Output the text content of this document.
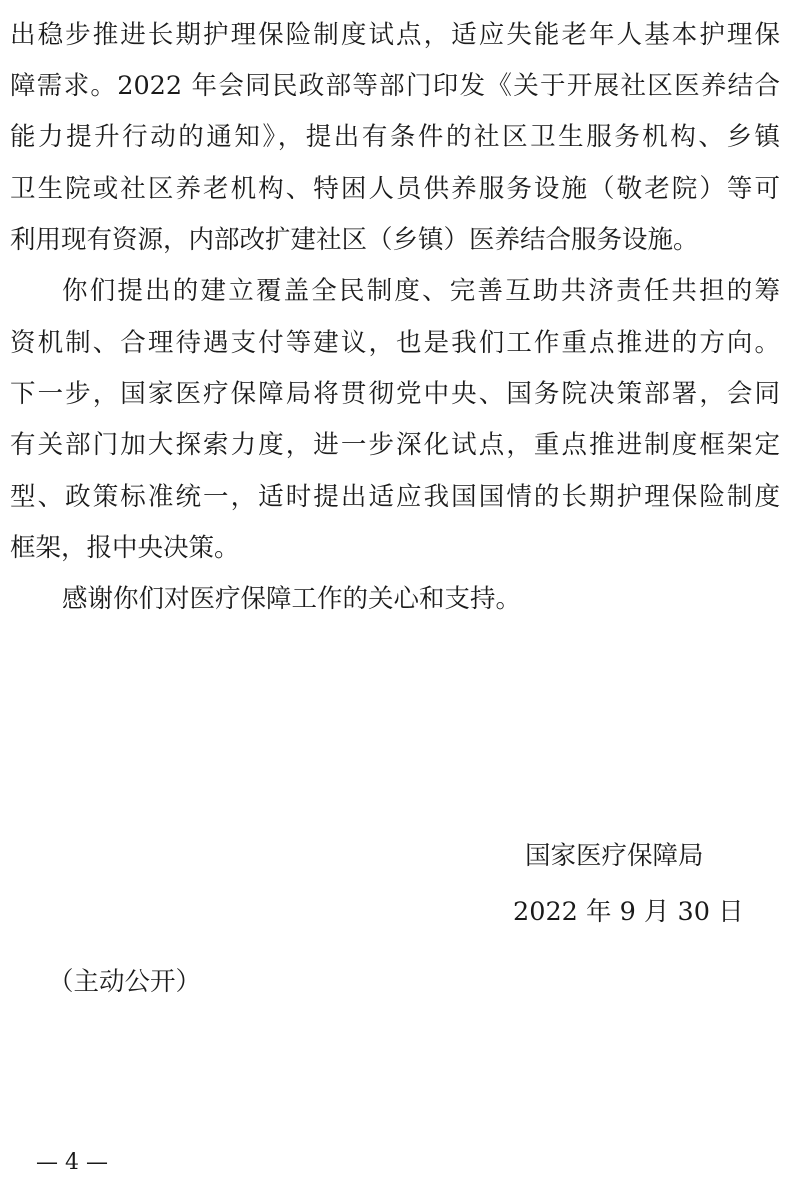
出稳步推进长期护理保险制度试点，适应失能老年人基本护理保
障需求。2022 年会同民政部等部门印发《关于开展社区医养结合
能力提升行动的通知》，提出有条件的社区卫生服务机构、乡镇
卫生院或社区养老机构、特困人员供养服务设施（敬老院）等可
利用现有资源，内部改扩建社区（乡镇）医养结合服务设施。
你们提出的建立覆盖全民制度、完善互助共济责任共担的筹
资机制、合理待遇支付等建议，也是我们工作重点推进的方向。
下一步，国家医疗保障局将贯彻党中央、国务院决策部署，会同
有关部门加大探索力度，进一步深化试点，重点推进制度框架定
型、政策标准统一，适时提出适应我国国情的长期护理保险制度
框架，报中央决策。
感谢你们对医疗保障工作的关心和支持。
国家医疗保障局
2022 年 9 月 30 日
（主动公开）
— 4 —
